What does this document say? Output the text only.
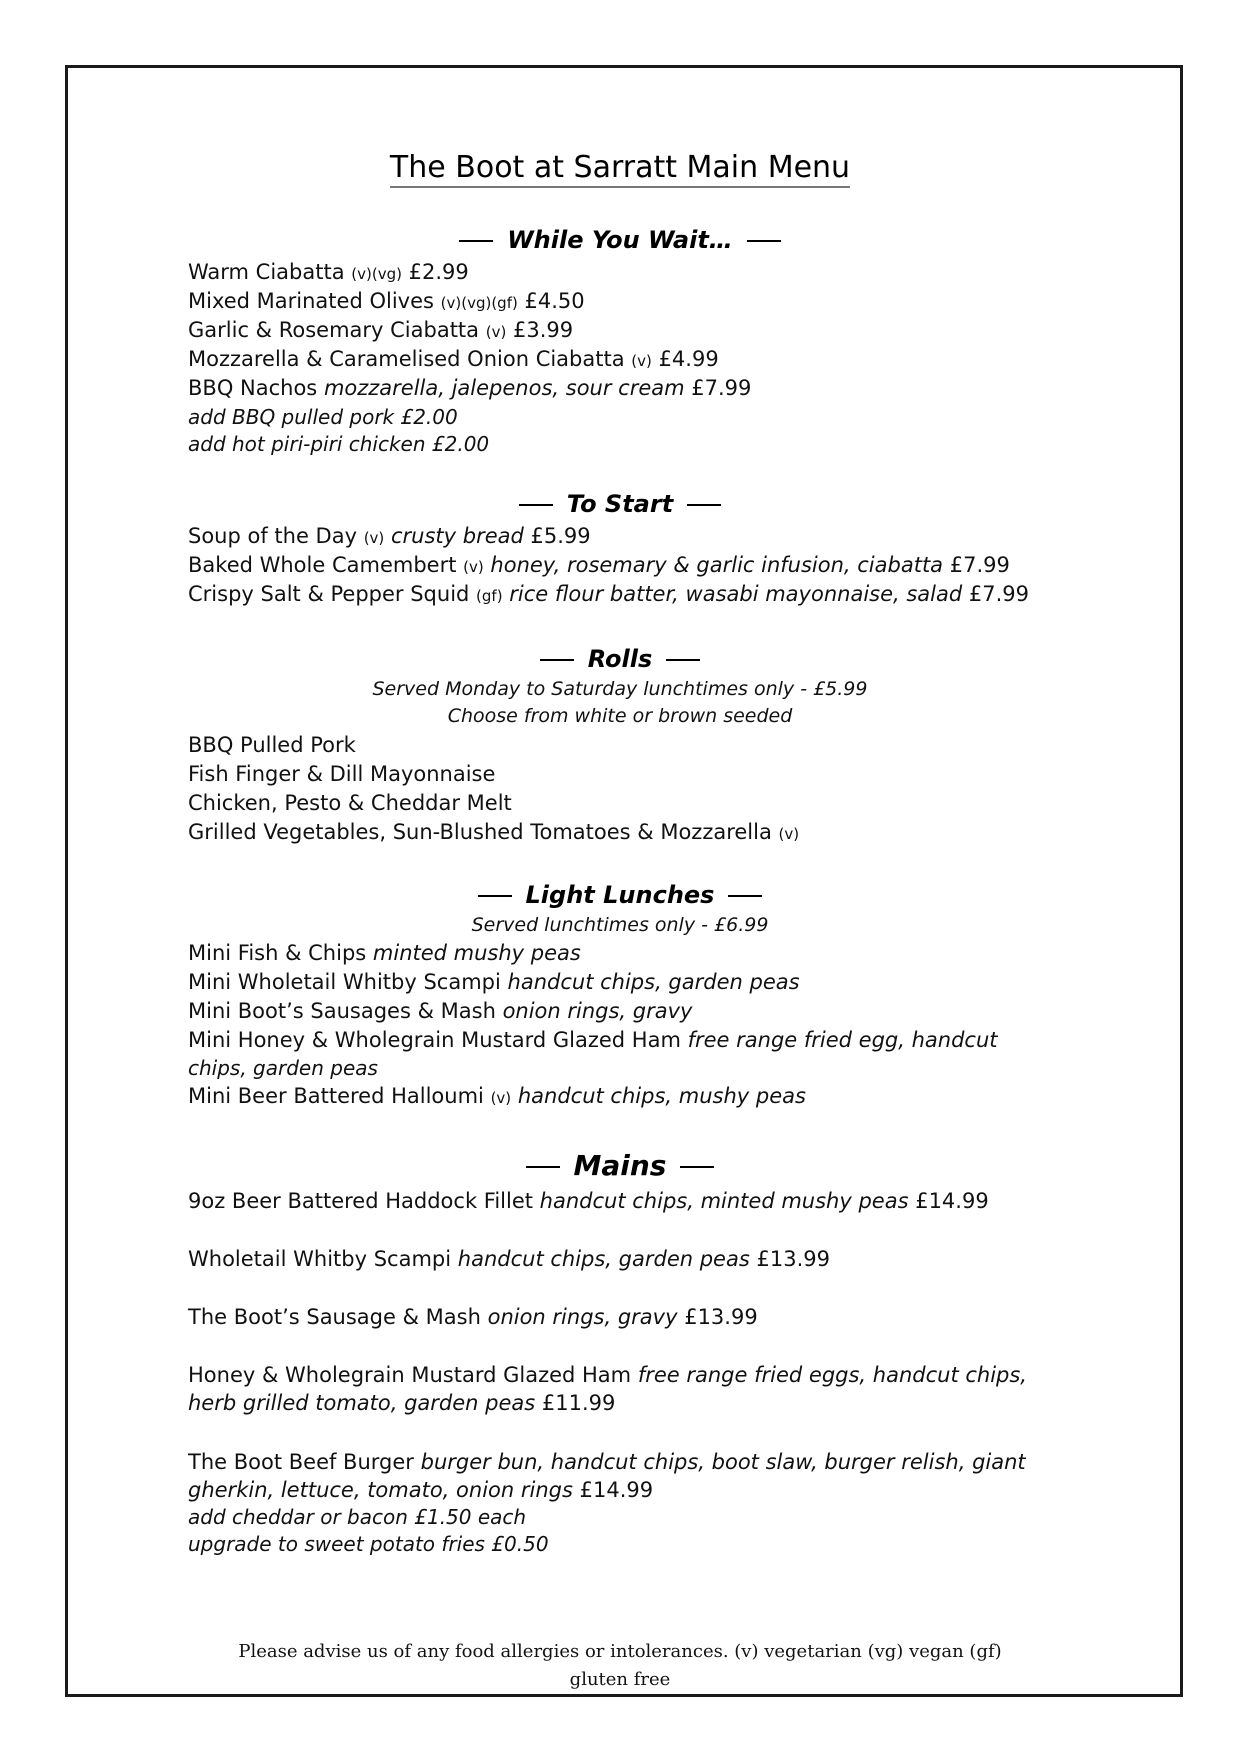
The Boot at Sarratt Main Menu
While You Wait…
Warm Ciabatta (v)(vg) £2.99
Mixed Marinated Olives (v)(vg)(gf) £4.50
Garlic & Rosemary Ciabatta (v) £3.99
Mozzarella & Caramelised Onion Ciabatta (v) £4.99
BBQ Nachos mozzarella, jalepenos, sour cream £7.99
add BBQ pulled pork £2.00
add hot piri-piri chicken £2.00
To Start
Soup of the Day (v) crusty bread £5.99
Baked Whole Camembert (v) honey, rosemary & garlic infusion, ciabatta £7.99
Crispy Salt & Pepper Squid (gf) rice flour batter, wasabi mayonnaise, salad £7.99
Rolls
Served Monday to Saturday lunchtimes only - £5.99
Choose from white or brown seeded
BBQ Pulled Pork
Fish Finger & Dill Mayonnaise
Chicken, Pesto & Cheddar Melt
Grilled Vegetables, Sun-Blushed Tomatoes & Mozzarella (v)
Light Lunches
Served lunchtimes only - £6.99
Mini Fish & Chips minted mushy peas
Mini Wholetail Whitby Scampi handcut chips, garden peas
Mini Boot’s Sausages & Mash onion rings, gravy
Mini Honey & Wholegrain Mustard Glazed Ham free range fried egg, handcut
chips, garden peas
Mini Beer Battered Halloumi (v) handcut chips, mushy peas
Mains
9oz Beer Battered Haddock Fillet handcut chips, minted mushy peas £14.99
Wholetail Whitby Scampi handcut chips, garden peas £13.99
The Boot’s Sausage & Mash onion rings, gravy £13.99
Honey & Wholegrain Mustard Glazed Ham free range fried eggs, handcut chips,
herb grilled tomato, garden peas £11.99
The Boot Beef Burger burger bun, handcut chips, boot slaw, burger relish, giant
gherkin, lettuce, tomato, onion rings £14.99
add cheddar or bacon £1.50 each
upgrade to sweet potato fries £0.50
Please advise us of any food allergies or intolerances. (v) vegetarian (vg) vegan (gf)
gluten free
